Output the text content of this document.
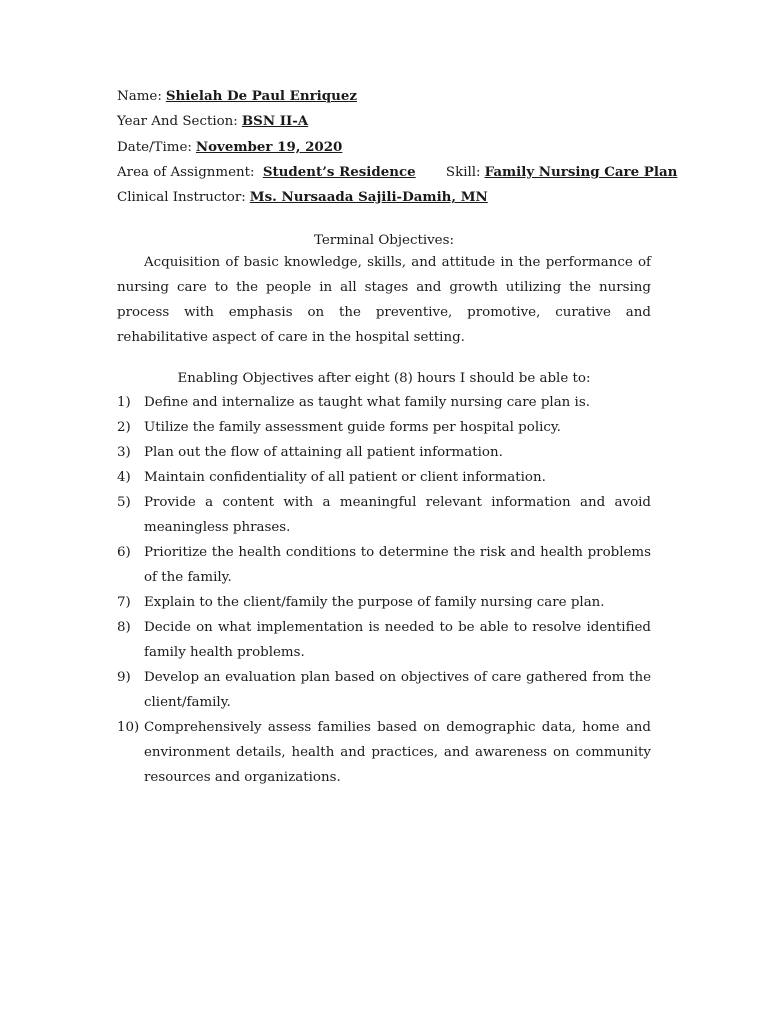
Name: Shielah De Paul Enriquez
Year And Section: BSN II-A
Date/Time: November 19, 2020
Area of Assignment: Student’s Residence Skill: Family Nursing Care Plan
Clinical Instructor: Ms. Nursaada Sajili-Damih, MN
Terminal Objectives:
Acquisition of basic knowledge, skills, and attitude in the performance of nursing care to the people in all stages and growth utilizing the nursing process with emphasis on the preventive, promotive, curative and rehabilitative aspect of care in the hospital setting.
Enabling Objectives after eight (8) hours I should be able to:
1) Define and internalize as taught what family nursing care plan is.
2) Utilize the family assessment guide forms per hospital policy.
3) Plan out the flow of attaining all patient information.
4) Maintain confidentiality of all patient or client information.
5) Provide a content with a meaningful relevant information and avoid meaningless phrases.
6) Prioritize the health conditions to determine the risk and health problems of the family.
7) Explain to the client/family the purpose of family nursing care plan.
8) Decide on what implementation is needed to be able to resolve identified family health problems.
9) Develop an evaluation plan based on objectives of care gathered from the client/family.
10) Comprehensively assess families based on demographic data, home and environment details, health and practices, and awareness on community resources and organizations.
